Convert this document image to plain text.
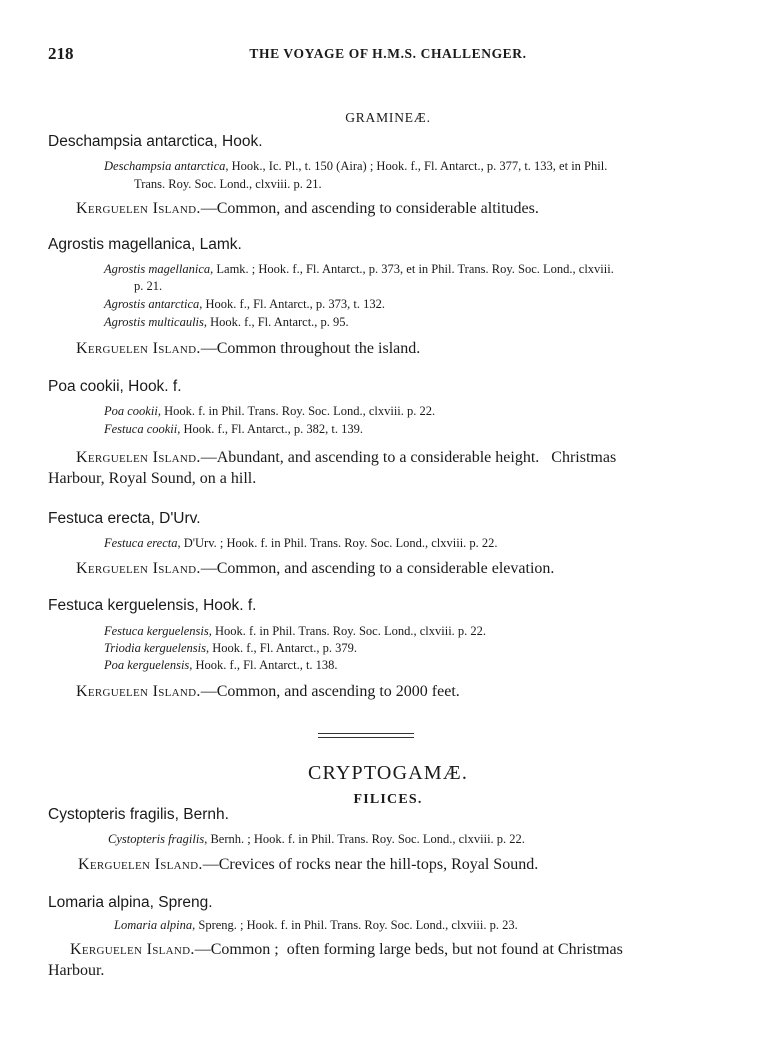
218	THE VOYAGE OF H.M.S. CHALLENGER.
GRAMINEÆ.
Deschampsia antarctica, Hook.
Deschampsia antarctica, Hook., Ic. Pl., t. 150 (Aira) ; Hook. f., Fl. Antarct., p. 377, t. 133, et in Phil.
Trans. Roy. Soc. Lond., clxviii. p. 21.
Kerguelen Island.—Common, and ascending to considerable altitudes.
Agrostis magellanica, Lamk.
Agrostis magellanica, Lamk. ; Hook. f., Fl. Antarct., p. 373, et in Phil. Trans. Roy. Soc. Lond., clxviii.
p. 21.
Agrostis antarctica, Hook. f., Fl. Antarct., p. 373, t. 132.
Agrostis multicaulis, Hook. f., Fl. Antarct., p. 95.
Kerguelen Island.—Common throughout the island.
Poa cookii, Hook. f.
Poa cookii, Hook. f. in Phil. Trans. Roy. Soc. Lond., clxviii. p. 22.
Festuca cookii, Hook. f., Fl. Antarct., p. 382, t. 139.
Kerguelen Island.—Abundant, and ascending to a considerable height.   Christmas
Harbour, Royal Sound, on a hill.
Festuca erecta, D'Urv.
Festuca erecta, D'Urv. ; Hook. f. in Phil. Trans. Roy. Soc. Lond., clxviii. p. 22.
Kerguelen Island.—Common, and ascending to a considerable elevation.
Festuca kerguelensis, Hook. f.
Festuca kerguelensis, Hook. f. in Phil. Trans. Roy. Soc. Lond., clxviii. p. 22.
Triodia kerguelensis, Hook. f., Fl. Antarct., p. 379.
Poa kerguelensis, Hook. f., Fl. Antarct., t. 138.
Kerguelen Island.—Common, and ascending to 2000 feet.
CRYPTOGAMÆ.
FILICES.
Cystopteris fragilis, Bernh.
Cystopteris fragilis, Bernh. ; Hook. f. in Phil. Trans. Roy. Soc. Lond., clxviii. p. 22.
Kerguelen Island.—Crevices of rocks near the hill-tops, Royal Sound.
Lomaria alpina, Spreng.
Lomaria alpina, Spreng. ; Hook. f. in Phil. Trans. Roy. Soc. Lond., clxviii. p. 23.
Kerguelen Island.—Common ;  often forming large beds, but not found at Christmas
Harbour.
